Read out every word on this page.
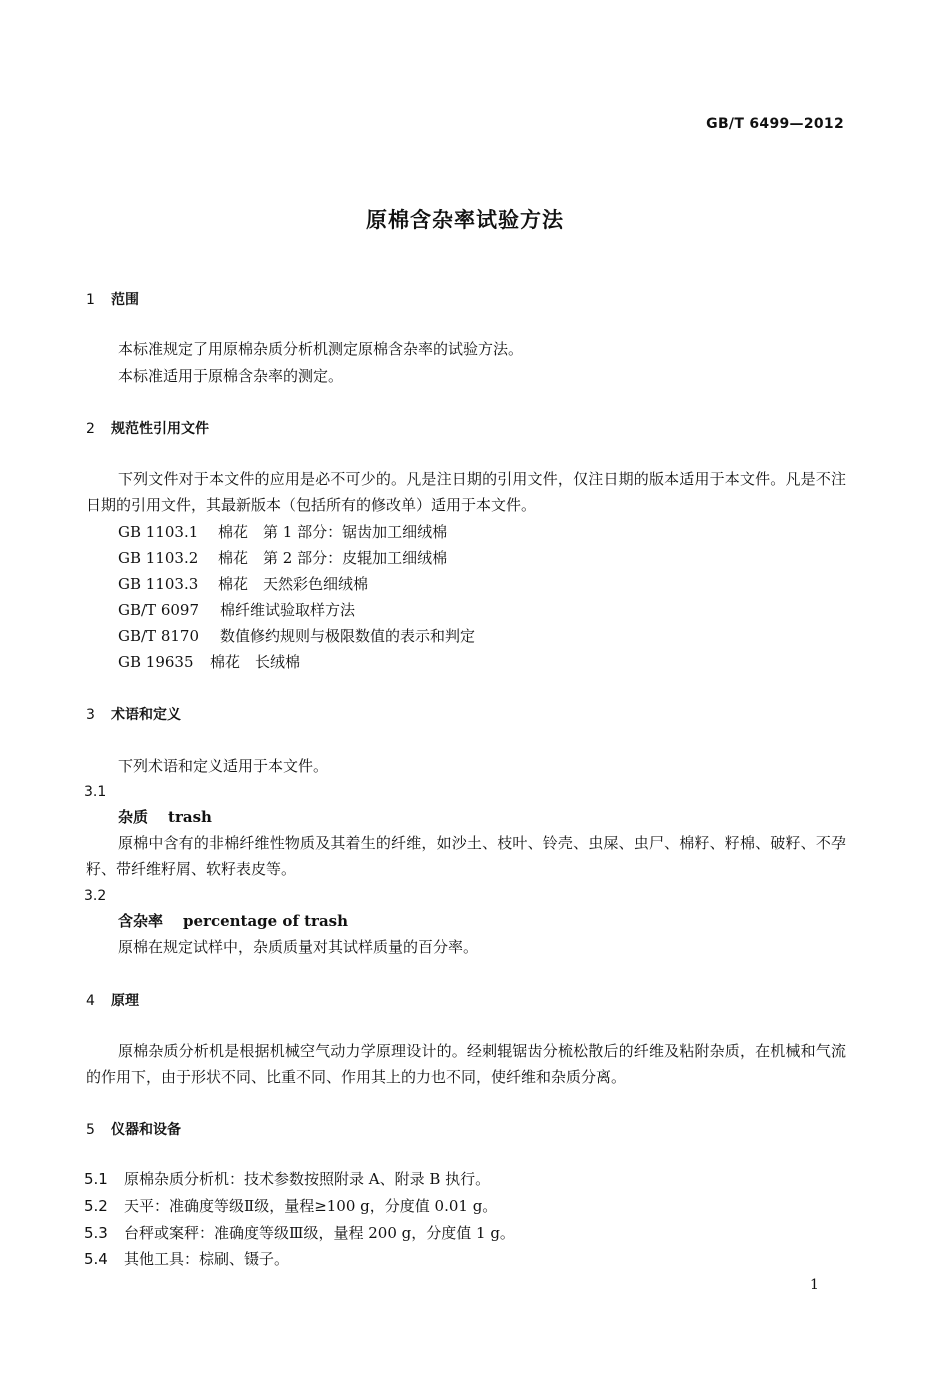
GB/T 6499—2012
原棉含杂率试验方法
1 范围
本标准规定了用原棉杂质分析机测定原棉含杂率的试验方法。
本标准适用于原棉含杂率的测定。
2 规范性引用文件
下列文件对于本文件的应用是必不可少的。凡是注日期的引用文件，仅注日期的版本适用于本文件。凡是不注日期的引用文件，其最新版本（包括所有的修改单）适用于本文件。
GB 1103.1 棉花　第 1 部分：锯齿加工细绒棉
GB 1103.2 棉花　第 2 部分：皮辊加工细绒棉
GB 1103.3 棉花　天然彩色细绒棉
GB/T 6097 棉纤维试验取样方法
GB/T 8170 数值修约规则与极限数值的表示和判定
GB 19635 棉花　长绒棉
3 术语和定义
下列术语和定义适用于本文件。
3.1
杂质 trash
原棉中含有的非棉纤维性物质及其着生的纤维，如沙土、枝叶、铃壳、虫屎、虫尸、棉籽、籽棉、破籽、不孕籽、带纤维籽屑、软籽表皮等。
3.2
含杂率 percentage of trash
原棉在规定试样中，杂质质量对其试样质量的百分率。
4 原理
原棉杂质分析机是根据机械空气动力学原理设计的。经刺辊锯齿分梳松散后的纤维及粘附杂质，在机械和气流的作用下，由于形状不同、比重不同、作用其上的力也不同，使纤维和杂质分离。
5 仪器和设备
5.1 原棉杂质分析机：技术参数按照附录 A、附录 B 执行。
5.2 天平：准确度等级Ⅱ级，量程≥100 g，分度值 0.01 g。
5.3 台秤或案秤：准确度等级Ⅲ级，量程 200 g，分度值 1 g。
5.4 其他工具：棕刷、镊子。
1
